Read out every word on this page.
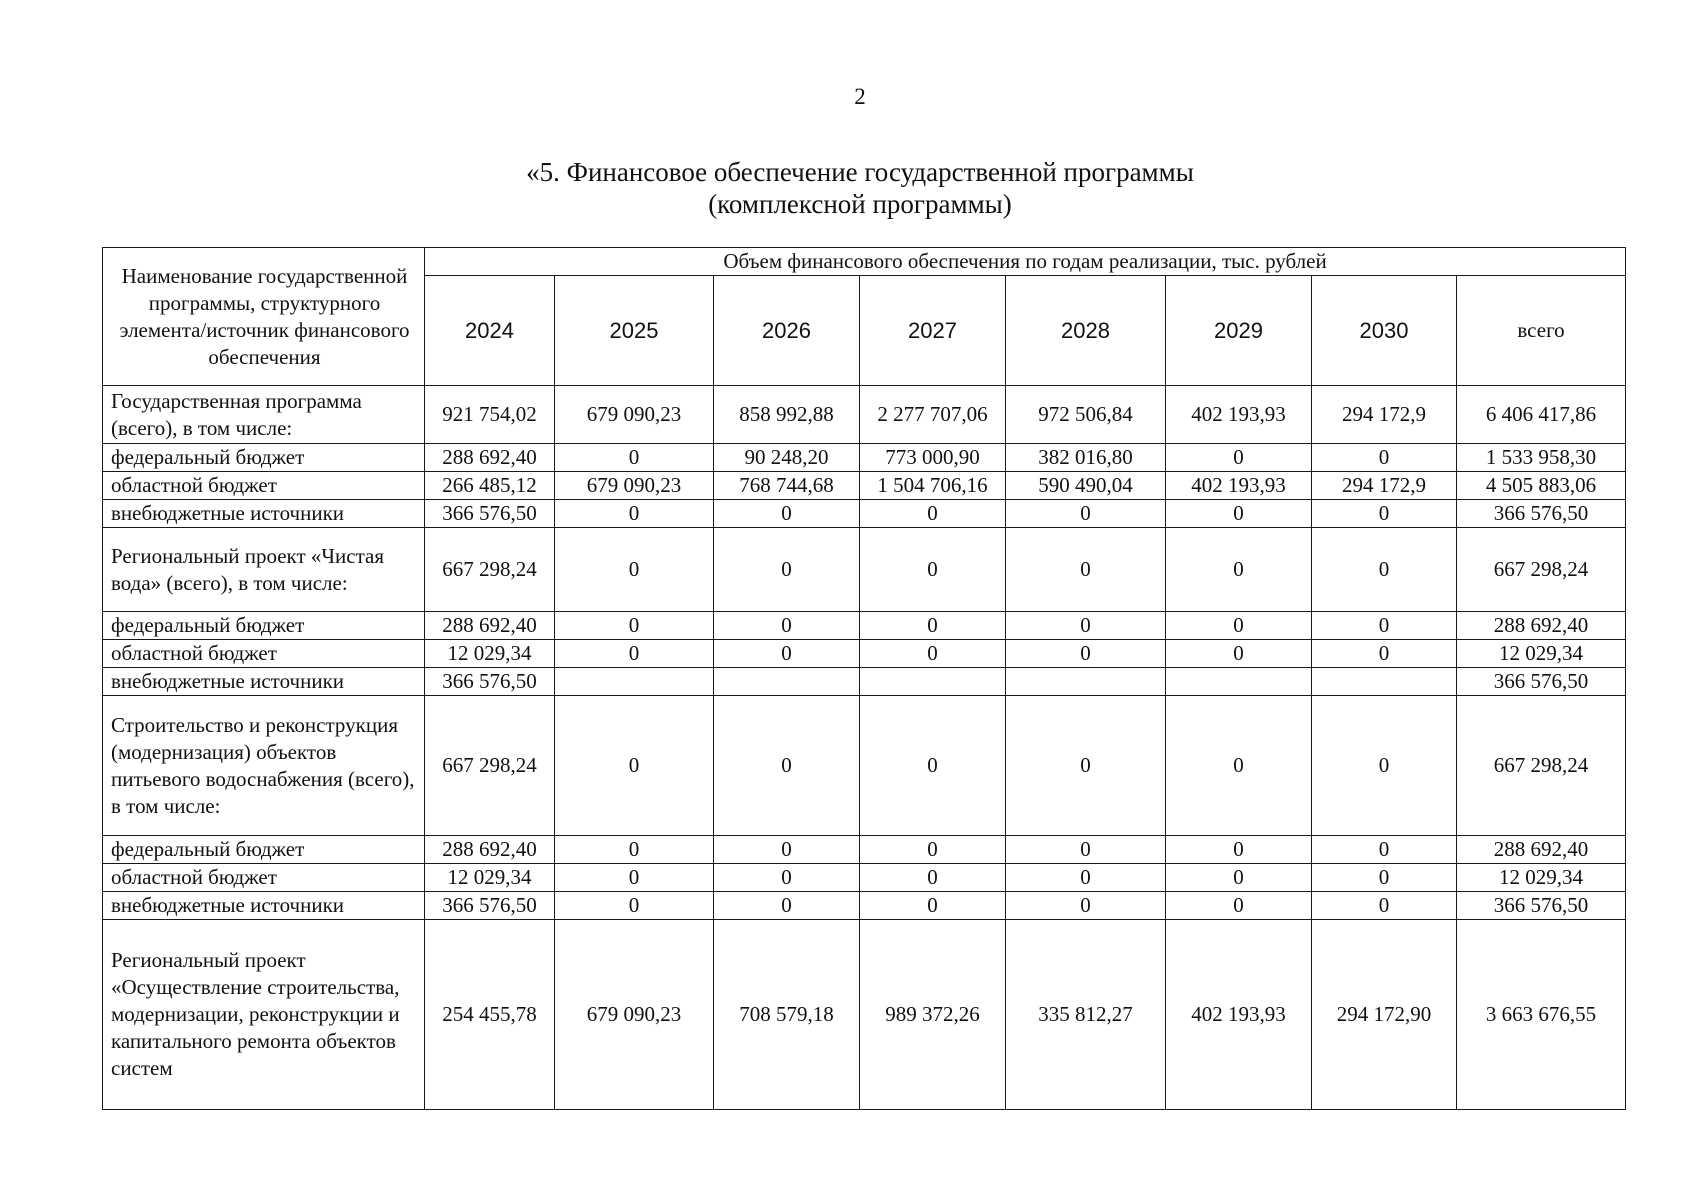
2
«5. Финансовое обеспечение государственной программы
(комплексной программы)
Наименование государственной программы, структурного элемента/источник финансового обеспечения	Объем финансового обеспечения по годам реализации, тыс. рублей							
	2024	2025	2026	2027	2028	2029	2030	всего
Государственная программа (всего), в том числе:	921 754,02	679 090,23	858 992,88	2 277 707,06	972 506,84	402 193,93	294 172,9	6 406 417,86
федеральный бюджет	288 692,40	0	90 248,20	773 000,90	382 016,80	0	0	1 533 958,30
областной бюджет	266 485,12	679 090,23	768 744,68	1 504 706,16	590 490,04	402 193,93	294 172,9	4 505 883,06
внебюджетные источники	366 576,50	0	0	0	0	0	0	366 576,50
Региональный проект «Чистая вода» (всего), в том числе:	667 298,24	0	0	0	0	0	0	667 298,24
федеральный бюджет	288 692,40	0	0	0	0	0	0	288 692,40
областной бюджет	12 029,34	0	0	0	0	0	0	12 029,34
внебюджетные источники	366 576,50							366 576,50
Строительство и реконструкция (модернизация) объектов питьевого водоснабжения (всего), в том числе:	667 298,24	0	0	0	0	0	0	667 298,24
федеральный бюджет	288 692,40	0	0	0	0	0	0	288 692,40
областной бюджет	12 029,34	0	0	0	0	0	0	12 029,34
внебюджетные источники	366 576,50	0	0	0	0	0	0	366 576,50
Региональный проект «Осуществление строительства, модернизации, реконструкции и капитального ремонта объектов систем	254 455,78	679 090,23	708 579,18	989 372,26	335 812,27	402 193,93	294 172,90	3 663 676,55
